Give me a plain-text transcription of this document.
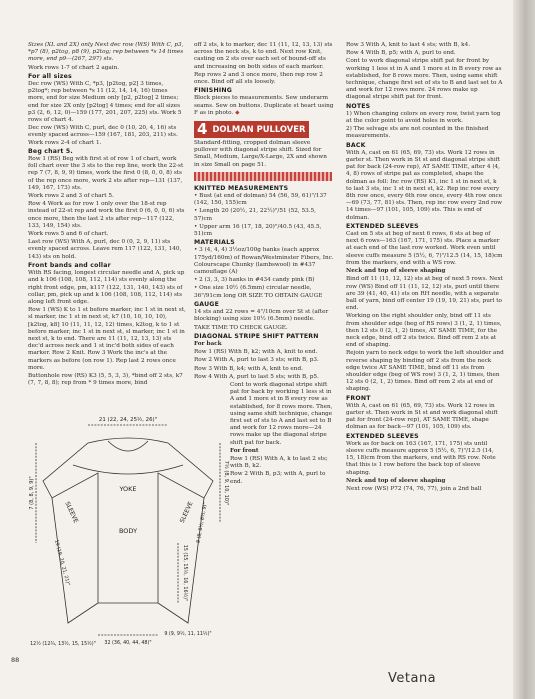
Sizes (XL and 2X) only Next dec row (WS) With C, p3, *p7 (8), p2tog, p8 (9), p2tog; rep between *s 14 times more, end p9—(267, 297) sts.

Work rows 1-7 of chart 2 again.

For all sizes

Dec row (WS) With C, *p3, [p2tog, p2] 3 times, p2tog*; rep between *s 11 (12, 14, 14, 16) times more, end for size Medium only [p2, p2tog] 2 times; end for size 2X only [p2tog] 4 times; end for all sizes p3 (2, 6, 12, 0)—159 (177, 201, 207, 225) sts. Work 5 rows of chart 4.

Dec row (WS) With C, purl, dec 0 (10, 20, 4, 16) sts evenly spaced across—159 (167, 181, 203, 211) sts. Work rows 2-4 of chart 1.

Beg chart 5.

Row 1 (RS) Beg with first st of row 1 of chart, work foll chart over the 3 sts to the rep line, work the 22-st rep 7 (7, 8, 9, 9) times, work the first 0 (8, 0, 0, 8) sts of the rep once more, work 2 sts after rep—131 (137, 149, 167, 173) sts.

Work rows 2 and 3 of chart 5.

Row 4 Work as for row 1 only over the 18-st rep instead of 22-st rep and work the first 0 (6, 0, 0, 6) sts once more, then the last 2 sts after rep—117 (122, 133, 149, 154) sts.

Work rows 5 and 6 of chart.

Last row (WS) With A, purl, dec 0 (0, 2, 9, 11) sts evenly spaced across. Leave rem 117 (122, 131, 140, 143) sts on hold.

Front bands and collar

With RS facing, longest circular needle and A, pick up and k 106 (108, 108, 112, 114) sts evenly along the right front edge, pm, k117 (122, 131, 140, 143) sts of collar, pm, pick up and k 106 (108, 108, 112, 114) sts along left front edge.

Row 1 (WS) K to 1 st before marker, inc 1 st in next st, sl marker, inc 1 st in next st, k7 (10, 10, 10, 10), [k2tog, k8] 10 (11, 11, 12, 12) times, k2tog, k to 1 st before marker, inc 1 st in next st, sl marker, inc 1 st in next st, k to end. There are 11 (11, 12, 13, 13) sts dec'd across neck and 1 st inc'd both sides of each marker. Row 2 Knit. Row 3 Work the inc's at the markers as before (on row 1). Rep last 2 rows once more.

Buttonhole row (RS) K3 (5, 5, 3, 3), *bind off 2 sts, k7 (7, 7, 8, 8); rep from * 9 times more, bind

off 2 sts, k to marker, dec 11 (11, 12, 13, 13) sts across the neck sts, k to end. Next row Knit, casting on 2 sts over each set of bound-off sts and increasing on both sides of each marker.

Rep rows 2 and 3 once more, then rep row 2 once. Bind off all sts loosely.

FINISHING

Block pieces to measurements. Sew underarm seams. Sew on buttons. Duplicate st heart using F as in photo. ◆

4 DOLMAN PULLOVER

Standard-fitting, cropped dolman sleeve pullover with diagonal stripe shift. Sized for Small, Medium, Large/X-Large, 2X and shown in size Small on page 51.

KNITTED MEASUREMENTS

• Bust (at end of dolman) 54 (56, 59, 61)"/137 (142, 150, 155)cm

• Length 20 (20½, 21, 22½)"/51 (52, 53.5, 57)cm

• Upper arm 16 (17, 18, 20)"/40.5 (43, 45.5, 51)cm

MATERIALS

• 3 (4, 4, 4) 3½oz/100g hanks (each approx 175yd/160m) of Rowan/Westminster Fibers, Inc. Colourscape Chunky (lambswool) in #437 camouflage (A)

• 2 (3, 3, 3) hanks in #434 candy pink (B)

• One size 10½ (6.5mm) circular needle, 36"/91cm long OR SIZE TO OBTAIN GAUGE

GAUGE

14 sts and 22 rows = 4"/10cm over St st (after blocking) using size 10½ (6.5mm) needle.

TAKE TIME TO CHECK GAUGE.

DIAGONAL STRIPE SHIFT PATTERN

For back

Row 1 (RS) With B, k2; with A, knit to end.

Row 2 With A, purl to last 3 sts; with B, p3.

Row 3 With B, k4; with A, knit to end.

Row 4 With A, purl to last 5 sts; with B, p5.

Cont to work diagonal stripe shift pat for back by working 1 less st in A and 1 more st in B every row as established, for 8 rows more. Then, using same shift technique, change first set of sts to A and last set to B and work for 12 rows more—24 rows make up the diagonal stripe shift pat for back.

For front

Row 1 (RS) With A, k to last 2 sts; with B, k2.

Row 2 With B, p3; with A, purl to end.

Row 3 With A, knit to last 4 sts; with B, k4.

Row 4 With B, p5; with A, purl to end.

Cont to work diagonal stripe shift pat for front by working 1 less st in A and 1 more st in B every row as established, for 8 rows more. Then, using same shift technique, change first set of sts to B and last set to A and work for 12 rows more. 24 rows make up diagonal stripe shift pat for front.

NOTES

1) When changing colors on every row, twist yarn tog at the color point to avoid holes in work.

2) The selvage sts are not counted in the finished measurements.

BACK

With A, cast on 61 (65, 69, 73) sts. Work 12 rows in garter st. Then work in St st and diagonal stripe shift pat for back (24-row rep), AT SAME TIME, after 4 (4, 4, 8) rows of stripe pat as completed, shape the dolman as foll: Inc row (RS) K1, inc 1 st in next st, k to last 3 sts, inc 1 st in next st, k2. Rep inc row every 8th row once, every 6th row once, every 4th row once—69 (73, 77, 81) sts. Then, rep inc row every 2nd row 14 times—97 (101, 105, 109) sts. This is end of dolman.

EXTENDED SLEEVES

Cast on 5 sts at beg of next 6 rows, 6 sts at beg of next 6 rows—163 (167, 171, 175) sts. Place a marker at each end of the last row worked. Work even until sleeve cuffs measure 5 (5½, 6, 7)"/12.5 (14, 15, 18)cm from the markers, end with a WS row.

Neck and top of sleeve shaping

Bind off 11 (11, 12, 12) sts at beg of next 5 rows. Next row (WS) Bind off 11 (11, 12, 12) sts, purl until there are 39 (41, 40, 41) sts on RH needle, with a separate ball of yarn, bind off center 19 (19, 19, 21) sts, purl to end.

Working on the right shoulder only, bind off 11 sts from shoulder edge (beg of RS rows) 3 (1, 2, 1) times, then 12 sts 0 (2, 1, 2) times, AT SAME TIME, for the neck edge, bind off 2 sts twice. Bind off rem 2 sts at end of shaping.

Rejoin yarn to neck edge to work the left shoulder and reverse shaping by binding off 2 sts from the neck edge twice AT SAME TIME, bind off 11 sts from shoulder edge (beg of WS row) 3 (1, 2, 1) times, then 12 sts 0 (2, 1, 2) times. Bind off rem 2 sts at end of shaping.

FRONT

With A, cast on 61 (65, 69, 73) sts. Work 12 rows in garter st. Then work in St st and work diagonal shift pat for front (24-row rep), AT SAME TIME, shape dolman as for back—97 (101, 105, 109) sts.

EXTENDED SLEEVES

Work as for back on 163 (167, 171, 175) sts until sleeve cuffs measure approx 5 (5½, 6, 7)"/12.5 (14, 15, 18)cm from the markers, end with RS row. Note that this is 1 row before the back top of sleeve shaping.

Neck and top of sleeve shaping

Next row (WS) P72 (74, 76, 77), join a 2nd ball

21 (22, 24, 25½, 26)"
7 (8, 8, 9, 9)"	7½ (8, 9, 10, 10)"
YOKE
BODY
SLEEVE	SLEEVE
19 (19, 20, 21, 21)"
8 (8, 8½, 8½, 9)"
15 (15, 15½, 16, 16½)"
12½ (12¾, 13½, 15, 15½)" 32 (36, 40, 44, 48)"
9 (9, 9½, 11, 11½)"
88
Vetana
